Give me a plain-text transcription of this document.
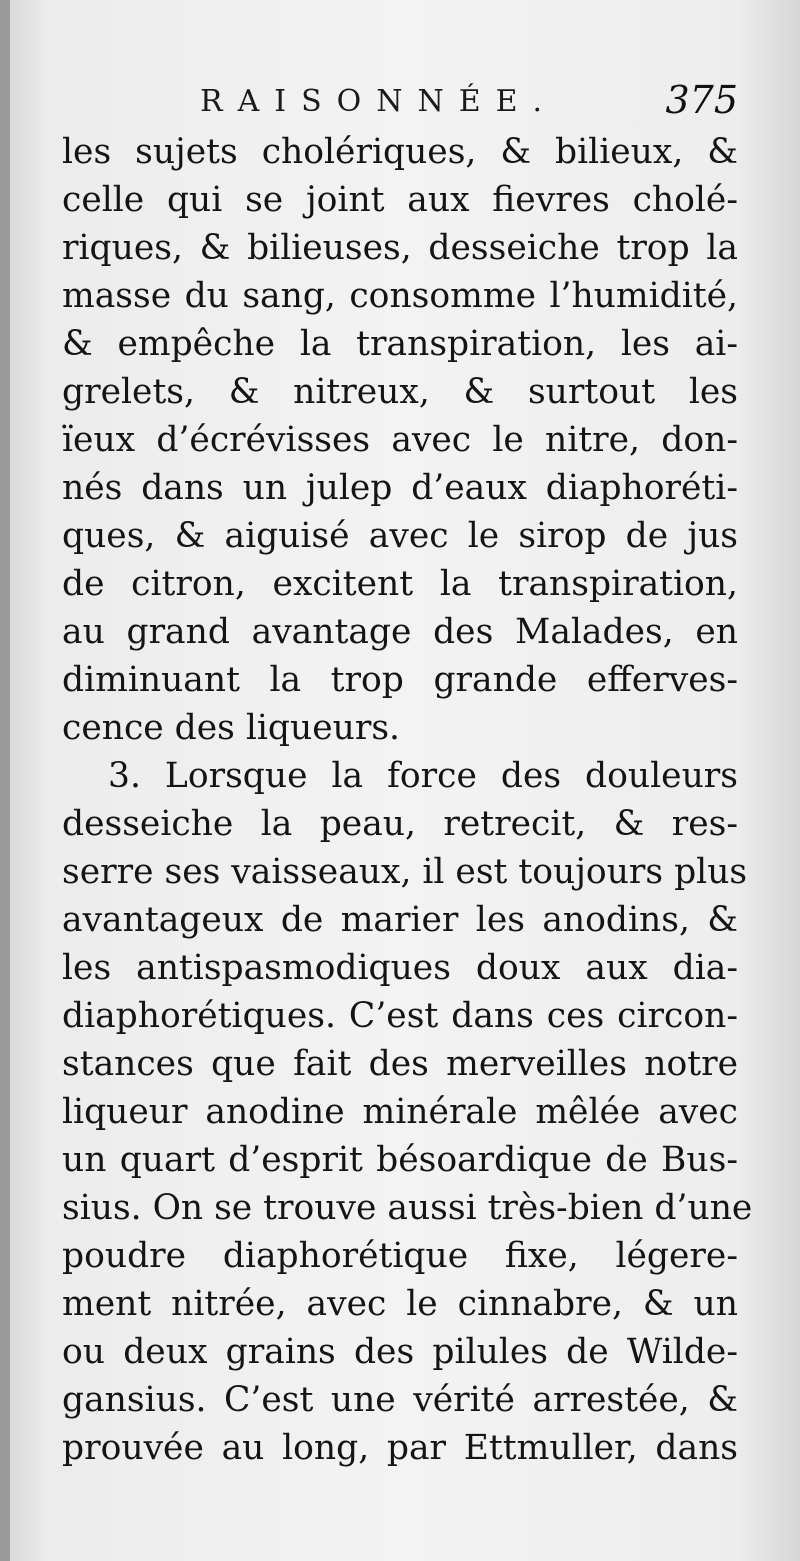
RAISONNÉE.	375
les sujets cholériques, & bilieux, &
celle qui se joint aux fievres cholé-
riques, & bilieuses, desseiche trop la
masse du sang, consomme l’humidité,
& empêche la transpiration, les ai-
grelets, & nitreux, & surtout les
ïeux d’écrévisses avec le nitre, don-
nés dans un julep d’eaux diaphoréti-
ques, & aiguisé avec le sirop de jus
de citron, excitent la transpiration,
au grand avantage des Malades, en
diminuant la trop grande efferves-
cence des liqueurs.
3. Lorsque la force des douleurs
desseiche la peau, retrecit, & res-
serre ses vaisseaux, il est toujours plus
avantageux de marier les anodins, &
les antispasmodiques doux aux dia-
diaphorétiques. C’est dans ces circon-
stances que fait des merveilles notre
liqueur anodine minérale mêlée avec
un quart d’esprit bésoardique de Bus-
sius. On se trouve aussi très-bien d’une
poudre diaphorétique fixe, légere-
ment nitrée, avec le cinnabre, & un
ou deux grains des pilules de Wilde-
gansius. C’est une vérité arrestée, &
prouvée au long, par Ettmuller, dans
